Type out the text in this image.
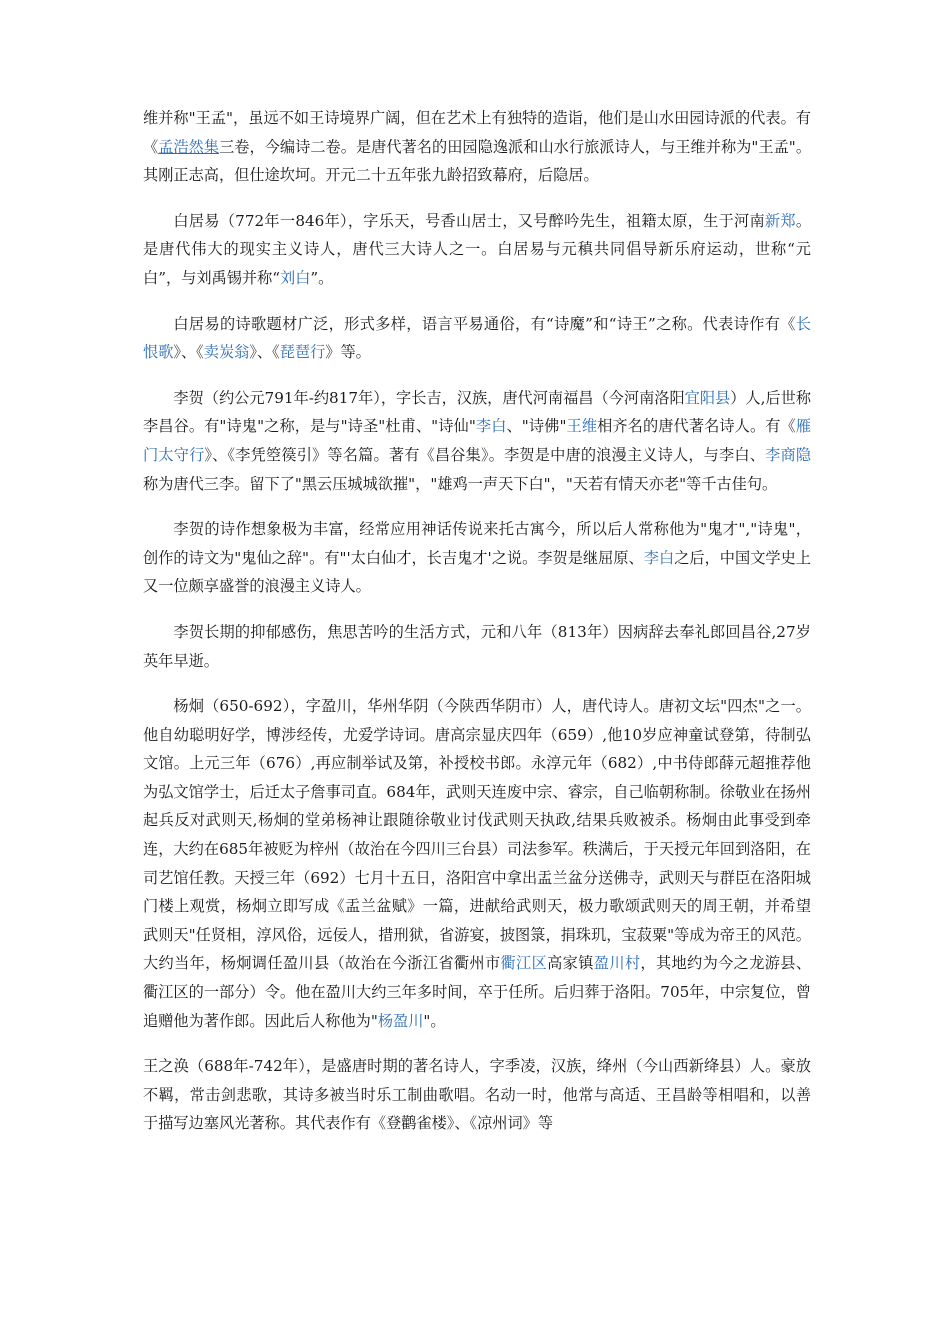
维并称"王孟"，虽远不如王诗境界广阔，但在艺术上有独特的造诣，他们是山水田园诗派的代表。有《孟浩然集三卷，今编诗二卷。是唐代著名的田园隐逸派和山水行旅派诗人，与王维并称为"王孟"。其刚正志高，但仕途坎坷。开元二十五年张九龄招致幕府，后隐居。

白居易（772年一846年），字乐天，号香山居士，又号醉吟先生，祖籍太原，生于河南新郑。是唐代伟大的现实主义诗人，唐代三大诗人之一。白居易与元稹共同倡导新乐府运动，世称“元白”，与刘禹锡并称“刘白”。

白居易的诗歌题材广泛，形式多样，语言平易通俗，有“诗魔”和“诗王”之称。代表诗作有《长恨歌》、《卖炭翁》、《琵琶行》等。

李贺（约公元791年-约817年），字长吉，汉族，唐代河南福昌（今河南洛阳宜阳县）人,后世称李昌谷。有"诗鬼"之称，是与"诗圣"杜甫、"诗仙"李白、"诗佛"王维相齐名的唐代著名诗人。有《雁门太守行》、《李凭箜篌引》等名篇。著有《昌谷集》。李贺是中唐的浪漫主义诗人，与李白、李商隐称为唐代三李。留下了"黑云压城城欲摧"，"雄鸡一声天下白"，"天若有情天亦老"等千古佳句。

李贺的诗作想象极为丰富，经常应用神话传说来托古寓今，所以后人常称他为"鬼才","诗鬼"，创作的诗文为"鬼仙之辞"。有"'太白仙才，长吉鬼才'之说。李贺是继屈原、李白之后，中国文学史上又一位颇享盛誉的浪漫主义诗人。

李贺长期的抑郁感伤，焦思苦吟的生活方式，元和八年（813年）因病辞去奉礼郎回昌谷,27岁英年早逝。

杨炯（650-692），字盈川，华州华阴（今陕西华阴市）人，唐代诗人。唐初文坛"四杰"之一。他自幼聪明好学，博涉经传，尤爱学诗词。唐高宗显庆四年（659）,他10岁应神童试登第，待制弘文馆。上元三年（676）,再应制举试及第，补授校书郎。永淳元年（682）,中书侍郎薛元超推荐他为弘文馆学士，后迁太子詹事司直。684年，武则天连废中宗、睿宗，自己临朝称制。徐敬业在扬州起兵反对武则天,杨炯的堂弟杨神让跟随徐敬业讨伐武则天执政,结果兵败被杀。杨炯由此事受到牵连，大约在685年被贬为梓州（故治在今四川三台县）司法参军。秩满后，于天授元年回到洛阳，在司艺馆任教。天授三年（692）七月十五日，洛阳宫中拿出盂兰盆分送佛寺，武则天与群臣在洛阳城门楼上观赏，杨炯立即写成《盂兰盆赋》一篇，进献给武则天，极力歌颂武则天的周王朝，并希望武则天"任贤相，淳风俗，远佞人，措刑狱，省游宴，披图箓，捐珠玑，宝菽粟"等成为帝王的风范。大约当年，杨炯调任盈川县（故治在今浙江省衢州市衢江区高家镇盈川村，其地约为今之龙游县、衢江区的一部分）令。他在盈川大约三年多时间，卒于任所。后归葬于洛阳。705年，中宗复位，曾追赠他为著作郎。因此后人称他为"杨盈川"。

王之涣（688年-742年），是盛唐时期的著名诗人，字季凌，汉族，绛州（今山西新绛县）人。豪放不羁，常击剑悲歌，其诗多被当时乐工制曲歌唱。名动一时，他常与高适、王昌龄等相唱和，以善于描写边塞风光著称。其代表作有《登鹳雀楼》、《凉州词》等
